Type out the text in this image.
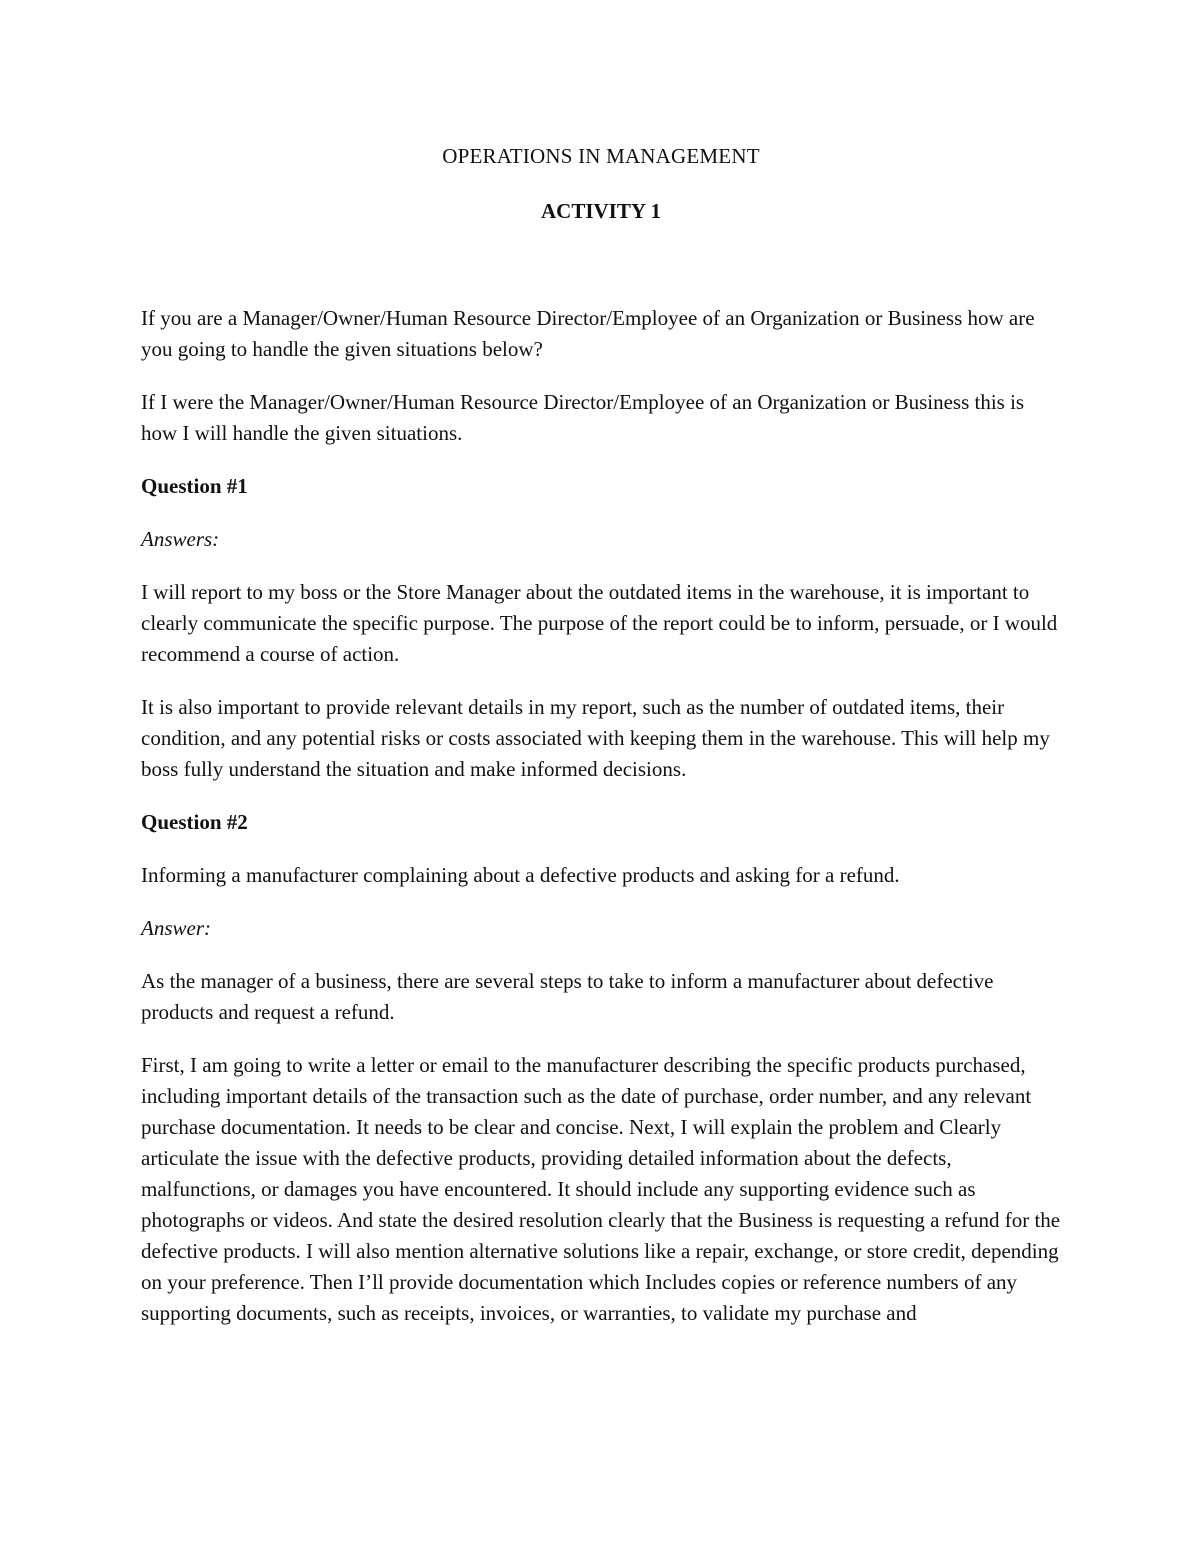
OPERATIONS IN MANAGEMENT
ACTIVITY 1

If you are a Manager/Owner/Human Resource Director/Employee of an Organization or Business how are you going to handle the given situations below?

If I were the Manager/Owner/Human Resource Director/Employee of an Organization or Business this is how I will handle the given situations.

Question #1

Answers:

I will report to my boss or the Store Manager about the outdated items in the warehouse, it is important to clearly communicate the specific purpose. The purpose of the report could be to inform, persuade, or I would recommend a course of action.

It is also important to provide relevant details in my report, such as the number of outdated items, their condition, and any potential risks or costs associated with keeping them in the warehouse. This will help my boss fully understand the situation and make informed decisions.

Question #2

Informing a manufacturer complaining about a defective products and asking for a refund.

Answer:

As the manager of a business, there are several steps to take to inform a manufacturer about defective products and request a refund.

First, I am going to write a letter or email to the manufacturer describing the specific products purchased, including important details of the transaction such as the date of purchase, order number, and any relevant purchase documentation. It needs to be clear and concise. Next, I will explain the problem and Clearly articulate the issue with the defective products, providing detailed information about the defects, malfunctions, or damages you have encountered. It should include any supporting evidence such as photographs or videos. And state the desired resolution clearly that the Business is requesting a refund for the defective products. I will also mention alternative solutions like a repair, exchange, or store credit, depending on your preference. Then I’ll provide documentation which Includes copies or reference numbers of any supporting documents, such as receipts, invoices, or warranties, to validate my purchase and
